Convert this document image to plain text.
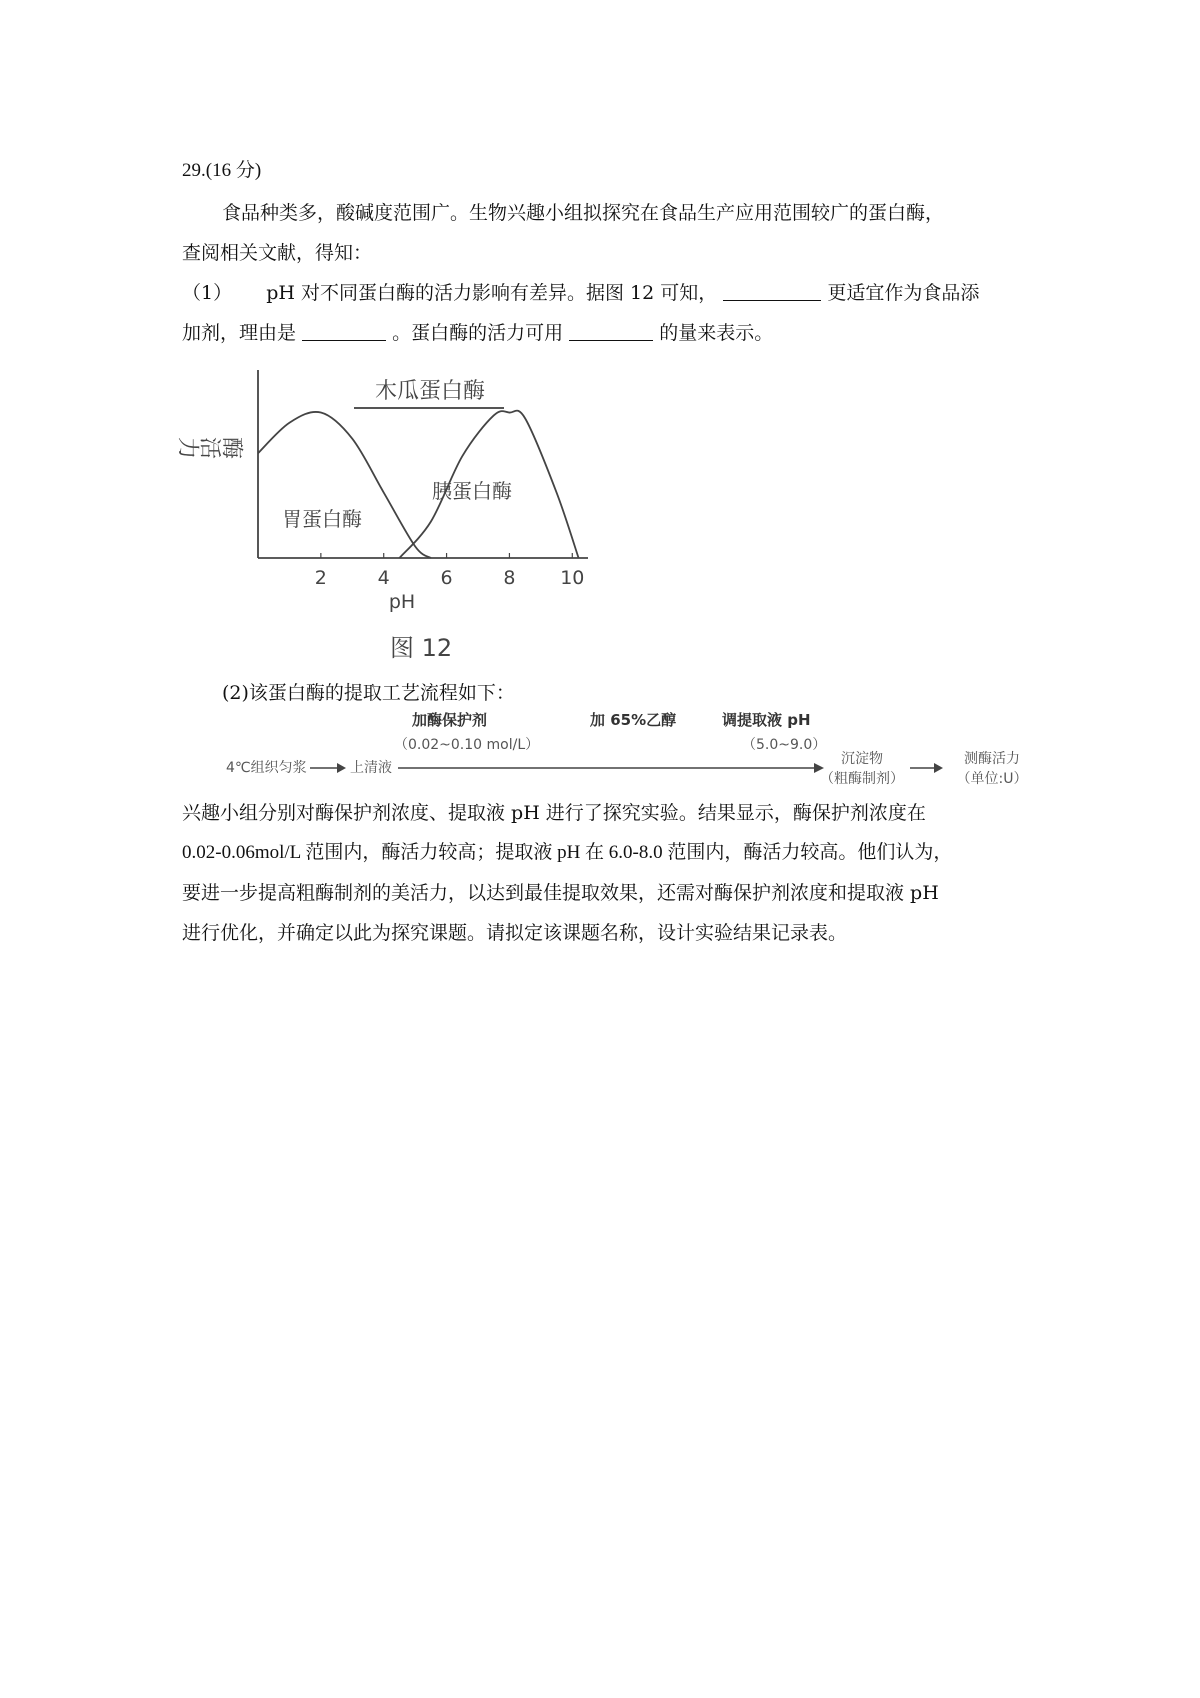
29.(16 分)
食品种类多，酸碱度范围广。生物兴趣小组拟探究在食品生产应用范围较广的蛋白酶，
查阅相关文献，得知：
（1） pH 对不同蛋白酶的活力影响有差异。据图 12 可知，	更适宜作为食品添
加剂，理由是	。蛋白酶的活力可用	的量来表示。
酶活力
pH
木瓜蛋白酶
2	4	6	8 10
胃蛋白酶
胰蛋白酶
图 12
(2)该蛋白酶的提取工艺流程如下：
4℃组织匀浆	上清液
加酶保护剂
（0.02~0.10 mol/L）
加 65%乙醇	调提取液 pH
（5.0~9.0）
沉淀物
（粗酶制剂）
测酶活力
（单位:U）
兴趣小组分别对酶保护剂浓度、提取液 pH 进行了探究实验。结果显示，酶保护剂浓度在
0.02-0.06mol/L 范围内，酶活力较高；提取液 pH 在 6.0-8.0 范围内，酶活力较高。他们认为，
要进一步提高粗酶制剂的美活力，以达到最佳提取效果，还需对酶保护剂浓度和提取液 pH
进行优化，并确定以此为探究课题。请拟定该课题名称，设计实验结果记录表。
